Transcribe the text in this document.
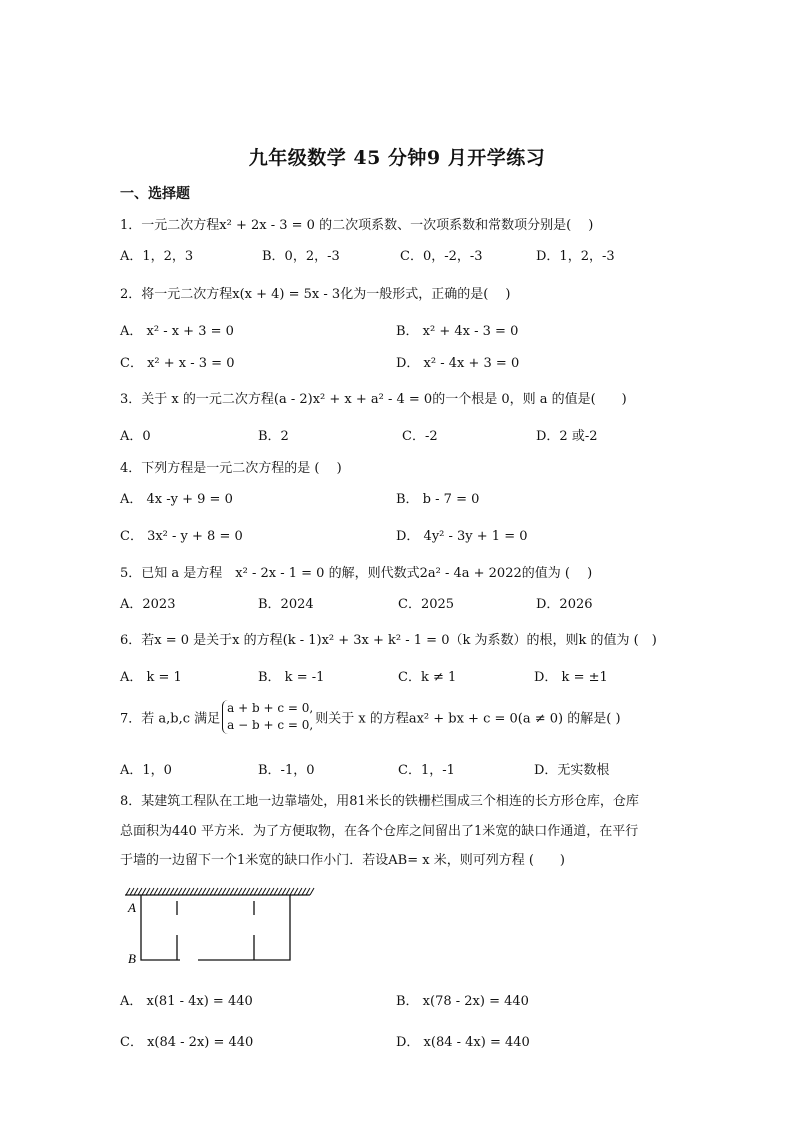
九年级数学 45 分钟9 月开学练习
一、选择题
1．一元二次方程x² + 2x - 3 = 0 的二次项系数、一次项系数和常数项分别是(　 )
A．1，2，3	B．0，2，-3	C．0，-2，-3	D．1，2，-3
2．将一元二次方程x(x + 4) = 5x - 3化为一般形式，正确的是(　 )
A． x² - x + 3 = 0	B． x² + 4x - 3 = 0
C． x² + x - 3 = 0	D． x² - 4x + 3 = 0
3．关于 x 的一元二次方程(a - 2)x² + x + a² - 4 = 0的一个根是 0，则 a 的值是(　　)
A．0	B．2	C．-2	D．2 或-2
4．下列方程是一元二次方程的是 (　 )
A． 4x -y + 9 = 0	B． b - 7 = 0
C． 3x² - y + 8 = 0	D． 4y² - 3y + 1 = 0
5．已知 a 是方程　x² - 2x - 1 = 0 的解，则代数式2a² - 4a + 2022的值为 (　 )
A．2023	B．2024	C．2025	D．2026
6．若x = 0 是关于x 的方程(k - 1)x² + 3x + k² - 1 = 0（k 为系数）的根，则k 的值为 (　)
A． k = 1	B． k = -1	C．k ≠ 1	D． k = ±1
7．若 a,b,c 满足
a + b + c = 0,
a − b + c = 0, 则关于 x 的方程ax² + bx + c = 0(a ≠ 0) 的解是( )
A．1，0	B．-1，0	C．1，-1	D．无实数根
8．某建筑工程队在工地一边靠墙处，用81米长的铁栅栏围成三个相连的长方形仓库，仓库
总面积为440 平方米．为了方便取物，在各个仓库之间留出了1米宽的缺口作通道，在平行
于墙的一边留下一个1米宽的缺口作小门．若设AB= x 米，则可列方程 (　　)
A
B
A． x(81 - 4x) = 440	B． x(78 - 2x) = 440
C． x(84 - 2x) = 440	D． x(84 - 4x) = 440
